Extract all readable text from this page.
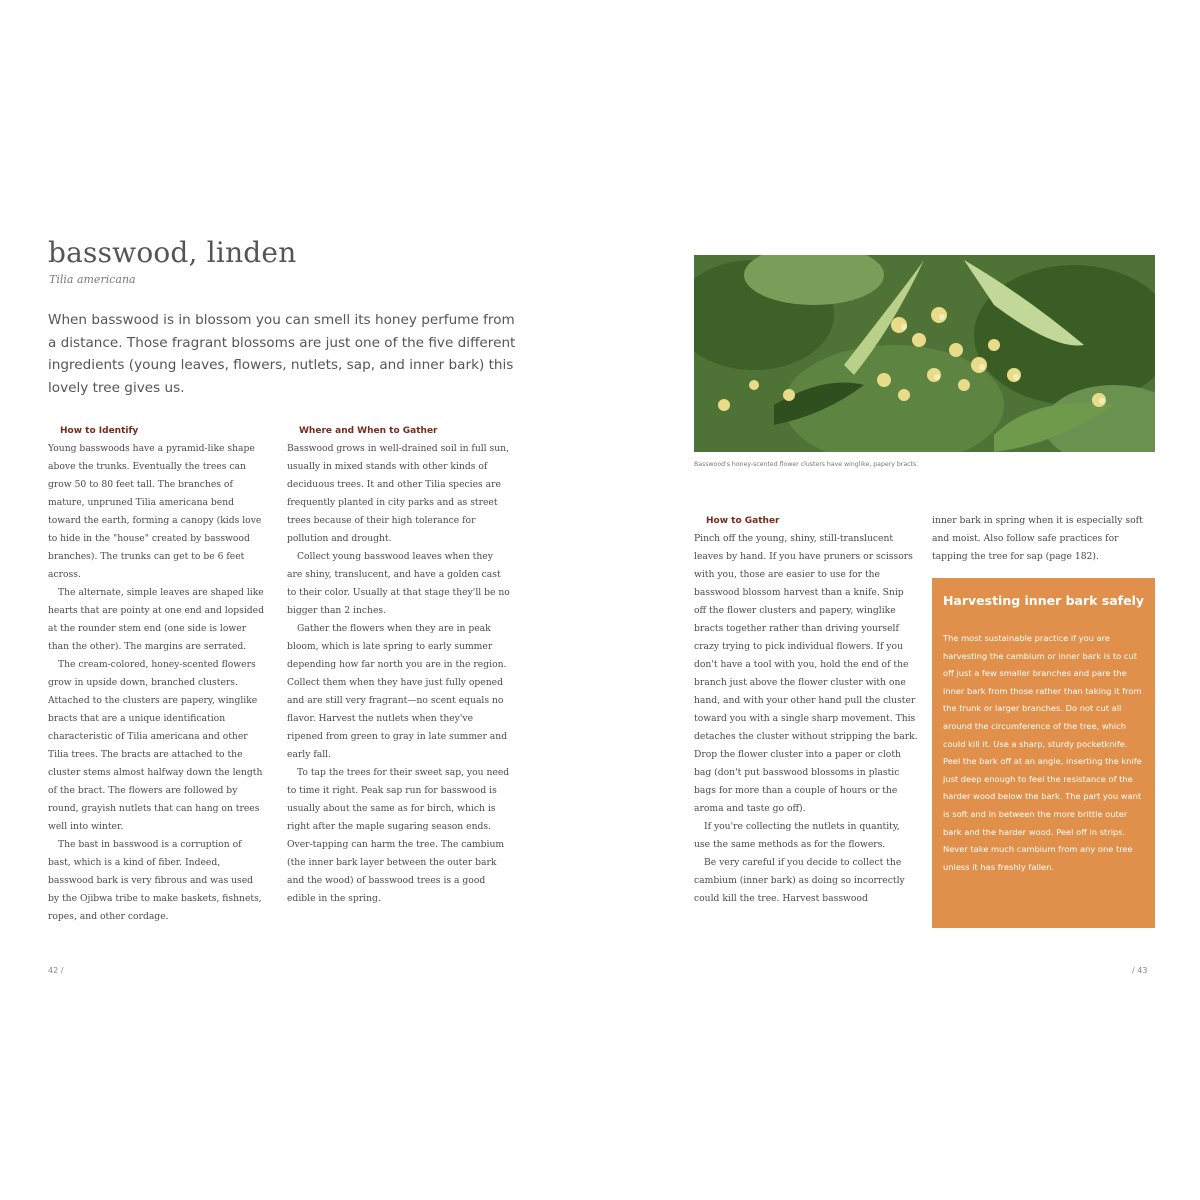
basswood, linden
Tilia americana
When basswood is in blossom you can smell its honey perfume from a distance. Those fragrant blossoms are just one of the five different ingredients (young leaves, flowers, nutlets, sap, and inner bark) this lovely tree gives us.
How to Identify

Young basswoods have a pyramid-like shape above the trunks. Eventually the trees can grow 50 to 80 feet tall. The branches of mature, unpruned Tilia americana bend toward the earth, forming a canopy (kids love to hide in the "house" created by basswood branches). The trunks can get to be 6 feet across.

The alternate, simple leaves are shaped like hearts that are pointy at one end and lopsided at the rounder stem end (one side is lower than the other). The margins are serrated.

The cream-colored, honey-scented flowers grow in upside down, branched clusters. Attached to the clusters are papery, winglike bracts that are a unique identification characteristic of Tilia americana and other Tilia trees. The bracts are attached to the cluster stems almost halfway down the length of the bract. The flowers are followed by round, grayish nutlets that can hang on trees well into winter.

The bast in basswood is a corruption of bast, which is a kind of fiber. Indeed, basswood bark is very fibrous and was used by the Ojibwa tribe to make baskets, fishnets, ropes, and other cordage.

Where and When to Gather

Basswood grows in well-drained soil in full sun, usually in mixed stands with other kinds of deciduous trees. It and other Tilia species are frequently planted in city parks and as street trees because of their high tolerance for pollution and drought.

Collect young basswood leaves when they are shiny, translucent, and have a golden cast to their color. Usually at that stage they'll be no bigger than 2 inches.

Gather the flowers when they are in peak bloom, which is late spring to early summer depending how far north you are in the region. Collect them when they have just fully opened and are still very fragrant—no scent equals no flavor. Harvest the nutlets when they've ripened from green to gray in late summer and early fall.

To tap the trees for their sweet sap, you need to time it right. Peak sap run for basswood is usually about the same as for birch, which is right after the maple sugaring season ends. Over-tapping can harm the tree. The cambium (the inner bark layer between the outer bark and the wood) of basswood trees is a good edible in the spring.

42 /
Basswood's honey-scented flower clusters have winglike, papery bracts.
How to Gather

Pinch off the young, shiny, still-translucent leaves by hand. If you have pruners or scissors with you, those are easier to use for the basswood blossom harvest than a knife. Snip off the flower clusters and papery, winglike bracts together rather than driving yourself crazy trying to pick individual flowers. If you don't have a tool with you, hold the end of the branch just above the flower cluster with one hand, and with your other hand pull the cluster toward you with a single sharp movement. This detaches the cluster without stripping the bark. Drop the flower cluster into a paper or cloth bag (don't put basswood blossoms in plastic bags for more than a couple of hours or the aroma and taste go off).

If you're collecting the nutlets in quantity, use the same methods as for the flowers.

Be very careful if you decide to collect the cambium (inner bark) as doing so incorrectly could kill the tree. Harvest basswood

inner bark in spring when it is especially soft and moist. Also follow safe practices for tapping the tree for sap (page 182).

Harvesting inner bark safely
The most sustainable practice if you are harvesting the cambium or inner bark is to cut off just a few smaller branches and pare the inner bark from those rather than taking it from the trunk or larger branches. Do not cut all around the circumference of the tree, which could kill it. Use a sharp, sturdy pocketknife. Peel the bark off at an angle, inserting the knife just deep enough to feel the resistance of the harder wood below the bark. The part you want is soft and in between the more brittle outer bark and the harder wood. Peel off in strips. Never take much cambium from any one tree unless it has freshly fallen.
/ 43
